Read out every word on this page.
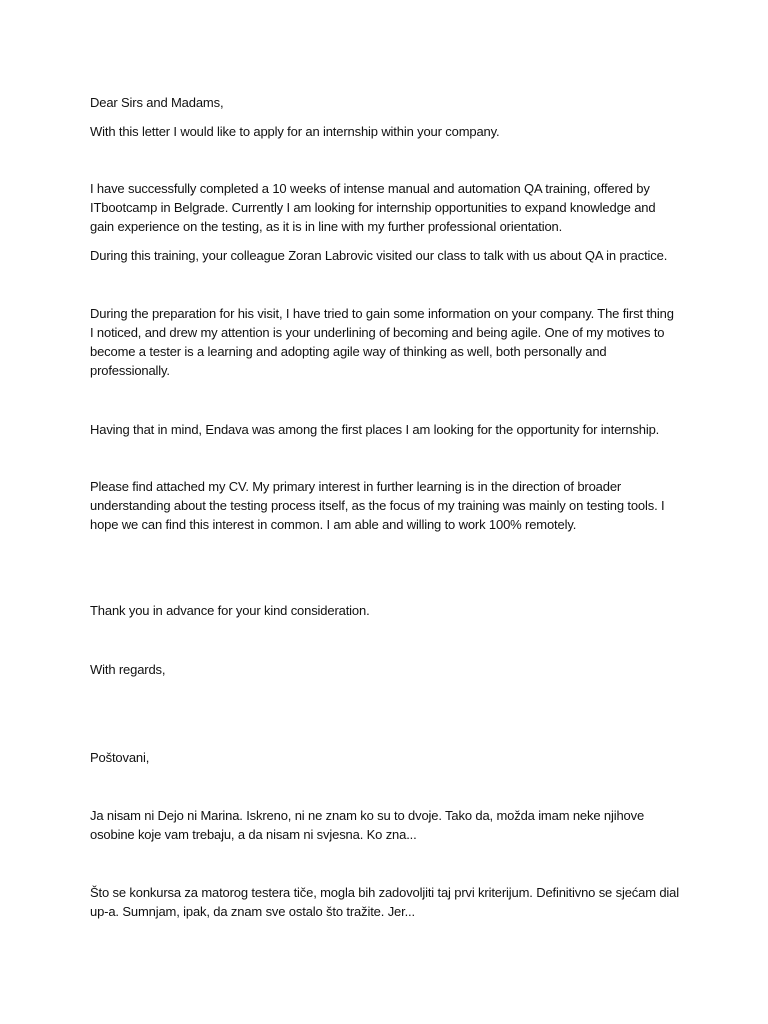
Dear Sirs and Madams,

With this letter I would like to apply for an internship within your company.

I have successfully completed a 10 weeks of intense manual and automation QA training, offered by ITbootcamp in Belgrade. Currently I am looking for internship opportunities to expand knowledge and gain experience on the testing, as it is in line with my further professional orientation.

During this training, your colleague Zoran Labrovic visited our class to talk with us about QA in practice.

During the preparation for his visit, I have tried to gain some information on your company. The first thing I noticed, and drew my attention is your underlining of becoming and being agile. One of my motives to become a tester is a learning and adopting agile way of thinking as well, both personally and professionally.

Having that in mind, Endava was among the first places I am looking for the opportunity for internship.

Please find attached my CV. My primary interest in further learning is in the direction of broader understanding about the testing process itself, as the focus of my training was mainly on testing tools. I hope we can find this interest in common. I am able and willing to work 100% remotely.

Thank you in advance for your kind consideration.

With regards,

Poštovani,

Ja nisam ni Dejo ni Marina. Iskreno, ni ne znam ko su to dvoje. Tako da, možda imam neke njihove osobine koje vam trebaju, a da nisam ni svjesna. Ko zna...

Što se konkursa za matorog testera tiče, mogla bih zadovoljiti taj prvi kriterijum. Definitivno se sjećam dial up-a. Sumnjam, ipak, da znam sve ostalo što tražite. Jer...
